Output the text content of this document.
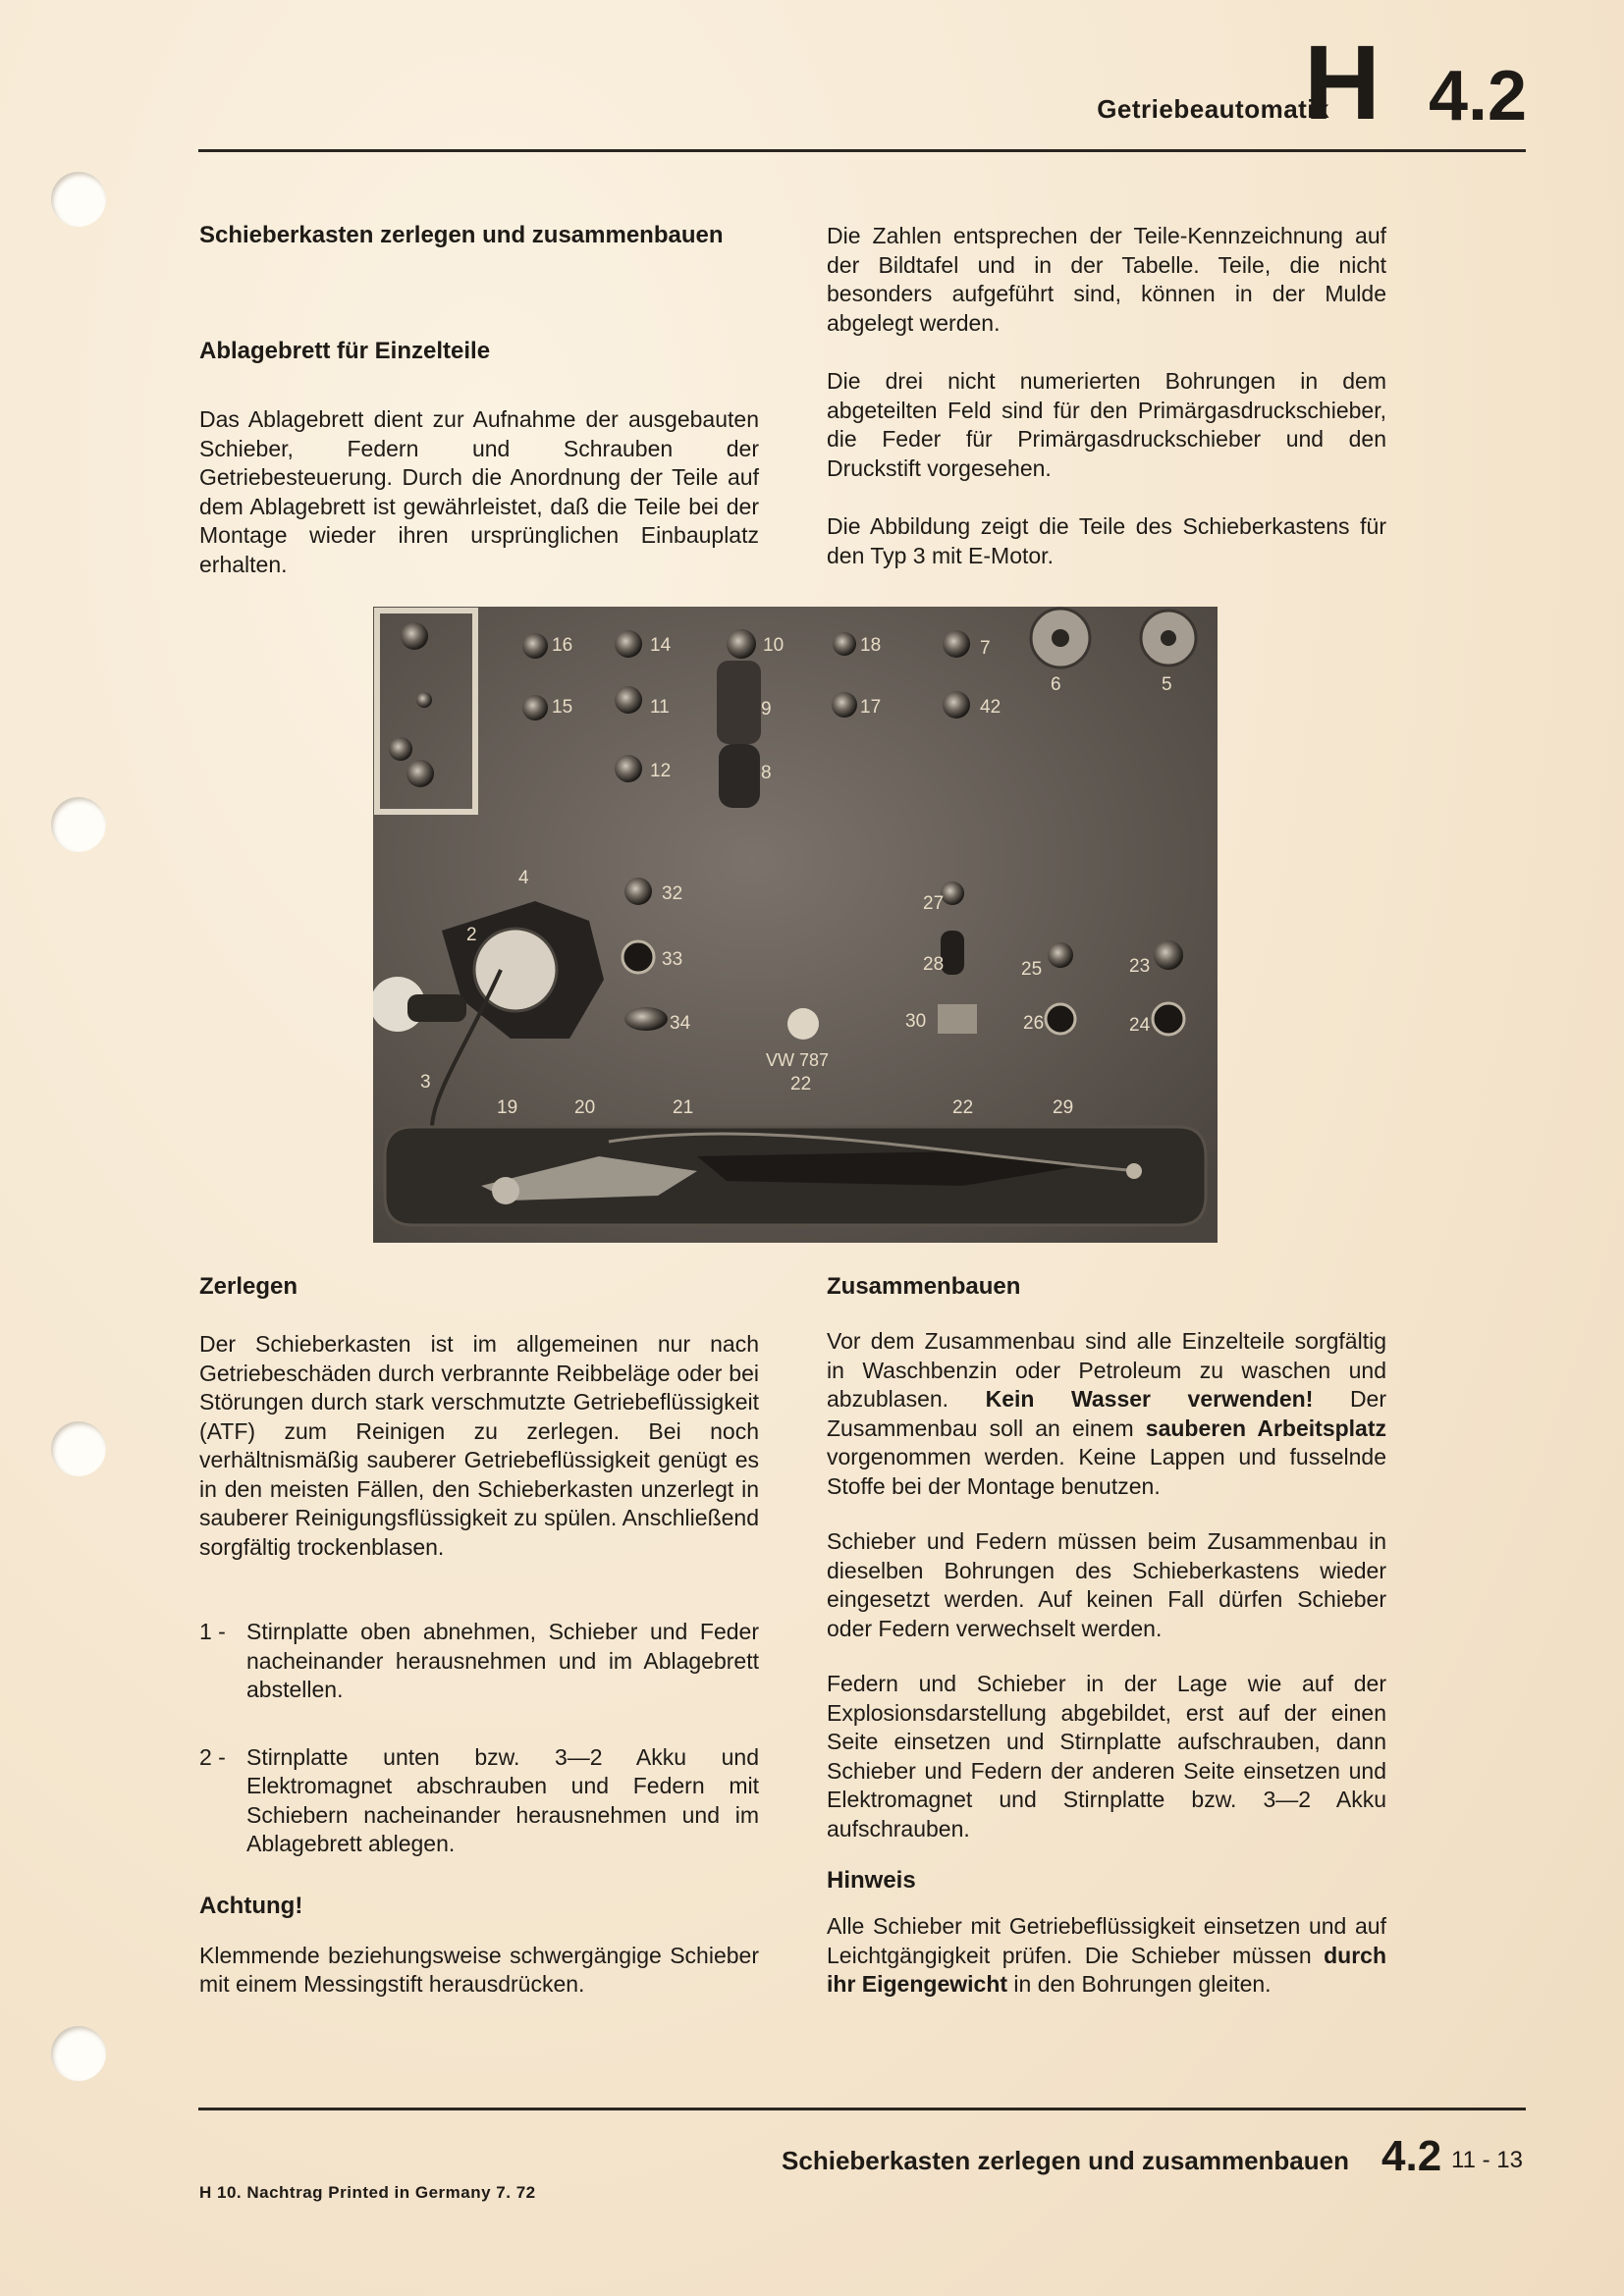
Getriebeautomatik
H 4.2

Schieberkasten zerlegen und zusammenbauen

Ablagebrett für Einzelteile

Das Ablagebrett dient zur Aufnahme der ausgebauten Schieber, Federn und Schrauben der Getriebesteuerung. Durch die Anordnung der Teile auf dem Ablagebrett ist gewährleistet, daß die Teile bei der Montage wieder ihren ursprünglichen Einbauplatz erhalten.

Die Zahlen entsprechen der Teile-Kennzeichnung auf der Bildtafel und in der Tabelle. Teile, die nicht besonders aufgeführt sind, können in der Mulde abgelegt werden.

Die drei nicht numerierten Bohrungen in dem abgeteilten Feld sind für den Primärgasdruckschieber, die Feder für Primärgasdruckschieber und den Druckstift vorgesehen.

Die Abbildung zeigt die Teile des Schieberkastens für den Typ 3 mit E-Motor.

16	14	10	18	7
6	5
15	11	9	17	42
12	8
4
2
32	27
33	28	25	23
34	30	26	24
3
19	20	21	22	29
22
VW 787

Zerlegen

Der Schieberkasten ist im allgemeinen nur nach Getriebeschäden durch verbrannte Reibbeläge oder bei Störungen durch stark verschmutzte Getriebeflüssigkeit (ATF) zum Reinigen zu zerlegen. Bei noch verhältnismäßig sauberer Getriebeflüssigkeit genügt es in den meisten Fällen, den Schieberkasten unzerlegt in sauberer Reinigungsflüssigkeit zu spülen. Anschließend sorgfältig trockenblasen.

1 - Stirnplatte oben abnehmen, Schieber und Feder nacheinander herausnehmen und im Ablagebrett abstellen.
2 - Stirnplatte unten bzw. 3—2 Akku und Elektromagnet abschrauben und Federn mit Schiebern nacheinander herausnehmen und im Ablagebrett ablegen.

Achtung!

Klemmende beziehungsweise schwergängige Schieber mit einem Messingstift herausdrücken.

Zusammenbauen

Vor dem Zusammenbau sind alle Einzelteile sorgfältig in Waschbenzin oder Petroleum zu waschen und abzublasen. Kein Wasser verwenden! Der Zusammenbau soll an einem sauberen Arbeitsplatz vorgenommen werden. Keine Lappen und fusselnde Stoffe bei der Montage benutzen.

Schieber und Federn müssen beim Zusammenbau in dieselben Bohrungen des Schieberkastens wieder eingesetzt werden. Auf keinen Fall dürfen Schieber oder Federn verwechselt werden.

Federn und Schieber in der Lage wie auf der Explosionsdarstellung abgebildet, erst auf der einen Seite einsetzen und Stirnplatte aufschrauben, dann Schieber und Federn der anderen Seite einsetzen und Elektromagnet und Stirnplatte bzw. 3—2 Akku aufschrauben.

Hinweis

Alle Schieber mit Getriebeflüssigkeit einsetzen und auf Leichtgängigkeit prüfen. Die Schieber müssen durch ihr Eigengewicht in den Bohrungen gleiten.

Schieberkasten zerlegen und zusammenbauen 4.2 11 - 13
H 10. Nachtrag Printed in Germany 7. 72
